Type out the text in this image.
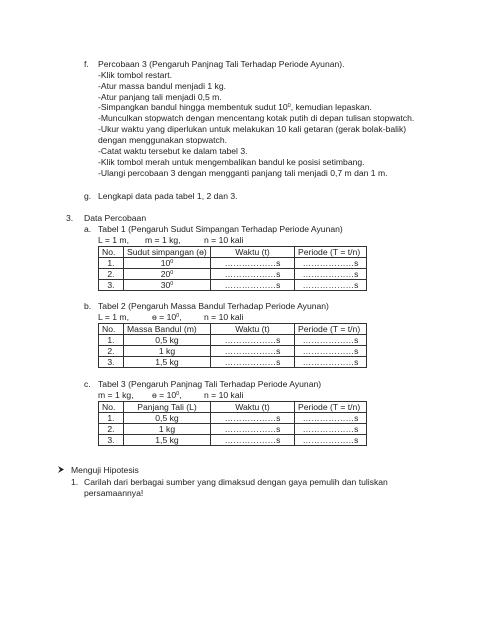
f. Percobaan 3 (Pengaruh Panjnag Tali Terhadap Periode Ayunan).
-Klik tombol restart.
-Atur massa bandul menjadi 1 kg.
-Atur panjang tali menjadi 0,5 m.
-Simpangkan bandul hingga membentuk sudut $10^0$, kemudian lepaskan.
-Munculkan stopwatch dengan mencentang kotak putih di depan tulisan stopwatch.
-Ukur waktu yang diperlukan untuk melakukan 10 kali getaran (gerak bolak-balik)
dengan menggunakan stopwatch.
-Catat waktu tersebut ke dalam tabel 3.
-Klik tombol merah untuk mengembalikan bandul ke posisi setimbang.
-Ulangi percobaan 3 dengan mengganti panjang tali menjadi 0,7 m dan 1 m.
g. Lengkapi data pada tabel 1, 2 dan 3.
3. Data Percobaan
a. Tabel 1 (Pengaruh Sudut Simpangan Terhadap Periode Ayunan)
L = 1 m, m = 1 kg,	n = 10 kali
No.	Sudut simpangan (ɵ)	Waktu (t)	Periode (T = t/n)
1.	$10^0$	………………s	………………s
2.	$20^0$	………………s	………………s
3.	$30^0$	………………s	………………s
b. Tabel 2 (Pengaruh Massa Bandul Terhadap Periode Ayunan)
L = 1 m,	ɵ = $10^0$,	n = 10 kali
No.	Massa Bandul (m)	Waktu (t)	Periode (T = t/n)
1.	0,5 kg	………………s	………………s
2.	1 kg	………………s	………………s
3.	1,5 kg	………………s	………………s
c. Tabel 3 (Pengaruh Panjnag Tali Terhadap Periode Ayunan)
m = 1 kg, ɵ = $10^0$,	n = 10 kali
No.	Panjang Tali (L)	Waktu (t)	Periode (T = t/n)
1.	0,5 kg	………………s	………………s
2.	1 kg	………………s	………………s
3.	1,5 kg	………………s	………………s
Menguji Hipotesis
1. Carilah dari berbagai sumber yang dimaksud dengan gaya pemulih dan tuliskan
persamaannya!
